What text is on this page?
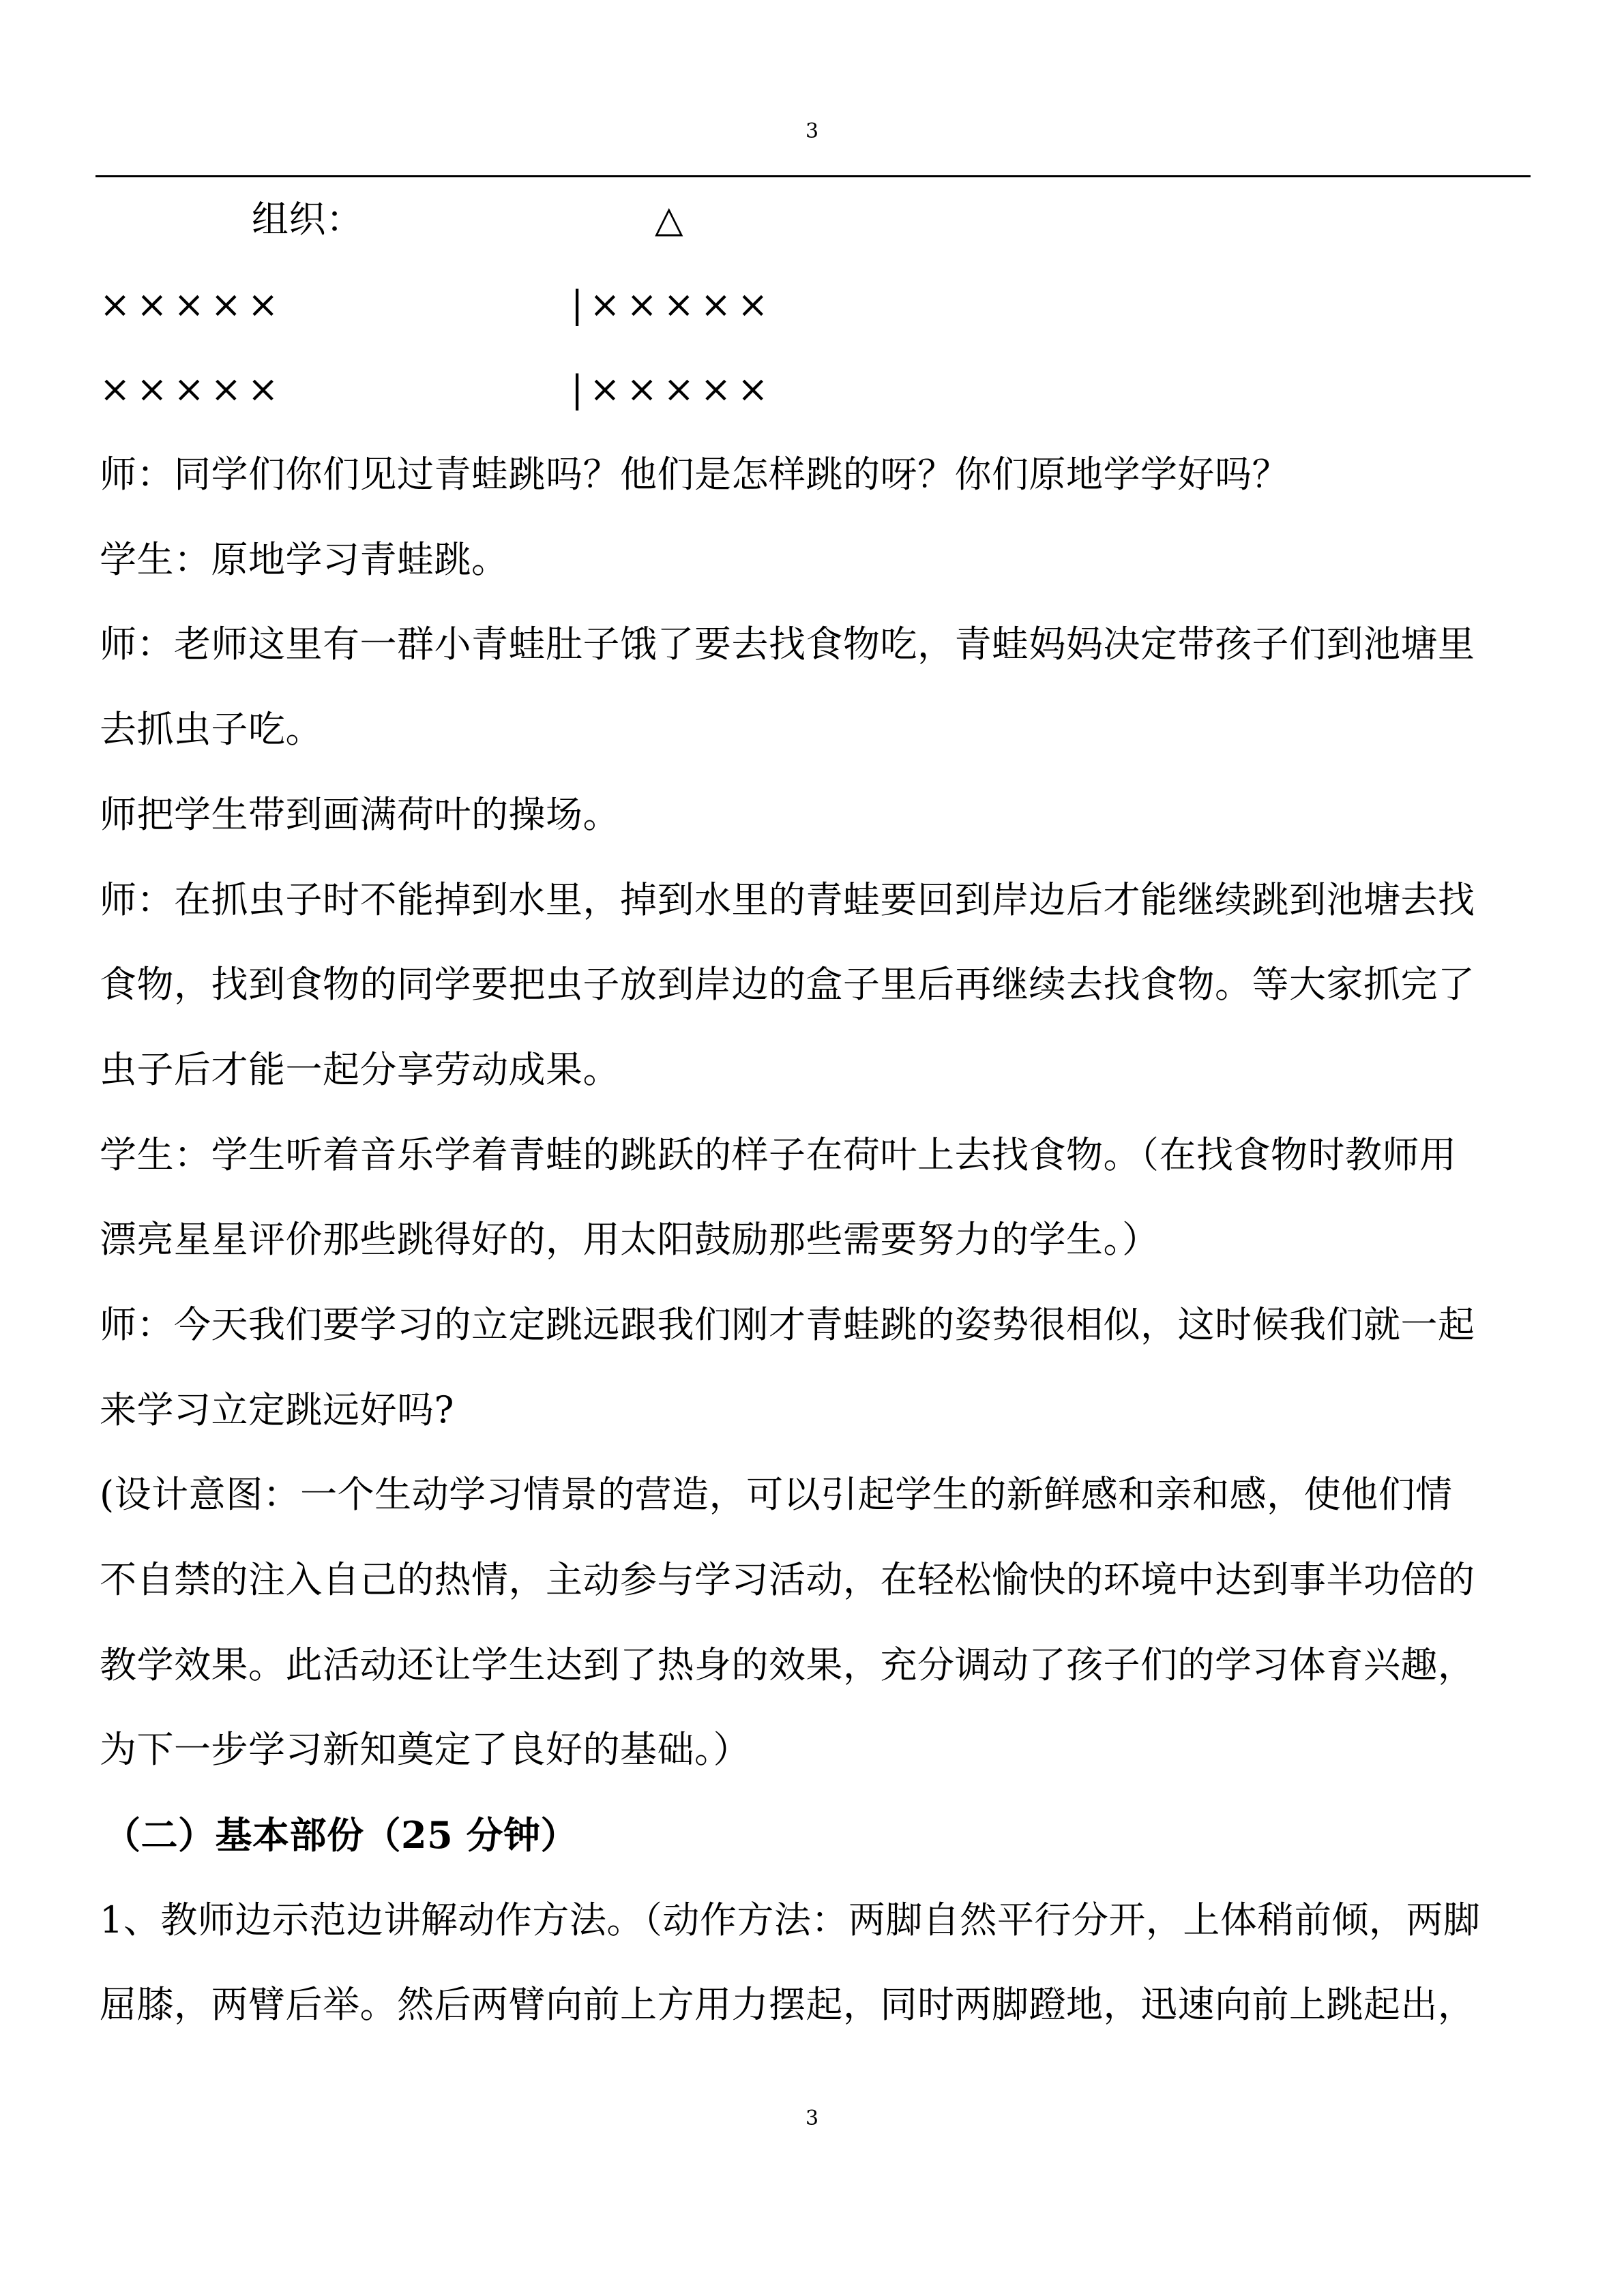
3
组织：	△
×××××	|×××××
×××××	|×××××
师：同学们你们见过青蛙跳吗？他们是怎样跳的呀？你们原地学学好吗？
学生：原地学习青蛙跳。
师：老师这里有一群小青蛙肚子饿了要去找食物吃，青蛙妈妈决定带孩子们到池塘里
去抓虫子吃。
师把学生带到画满荷叶的操场。
师：在抓虫子时不能掉到水里，掉到水里的青蛙要回到岸边后才能继续跳到池塘去找
食物，找到食物的同学要把虫子放到岸边的盒子里后再继续去找食物。等大家抓完了
虫子后才能一起分享劳动成果。
学生：学生听着音乐学着青蛙的跳跃的样子在荷叶上去找食物。（在找食物时教师用
漂亮星星评价那些跳得好的，用太阳鼓励那些需要努力的学生。）
师：今天我们要学习的立定跳远跟我们刚才青蛙跳的姿势很相似，这时候我们就一起
来学习立定跳远好吗?
(设计意图：一个生动学习情景的营造，可以引起学生的新鲜感和亲和感，使他们情
不自禁的注入自己的热情，主动参与学习活动，在轻松愉快的环境中达到事半功倍的
教学效果。此活动还让学生达到了热身的效果，充分调动了孩子们的学习体育兴趣，
为下一步学习新知奠定了良好的基础。）
（二）基本部份（25 分钟）
1、教师边示范边讲解动作方法。（动作方法：两脚自然平行分开，上体稍前倾，两脚
屈膝，两臂后举。然后两臂向前上方用力摆起，同时两脚蹬地，迅速向前上跳起出，
3
